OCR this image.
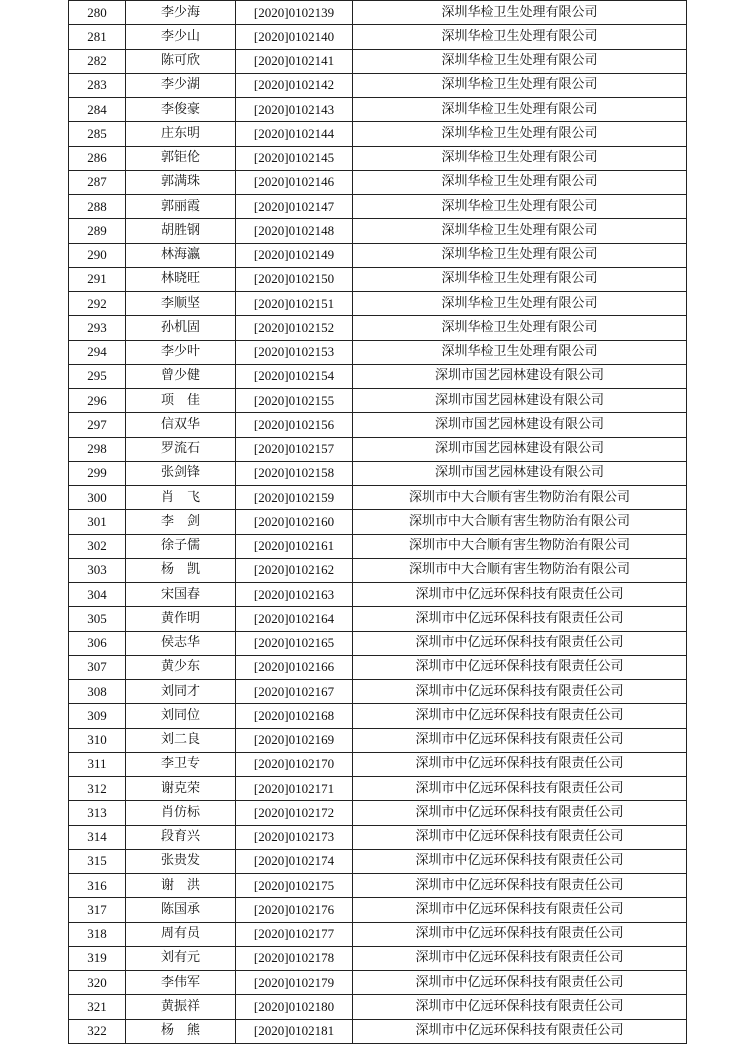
280	李少海	[2020]0102139	深圳华检卫生处理有限公司
281	李少山	[2020]0102140	深圳华检卫生处理有限公司
282	陈可欣	[2020]0102141	深圳华检卫生处理有限公司
283	李少湖	[2020]0102142	深圳华检卫生处理有限公司
284	李俊豪	[2020]0102143	深圳华检卫生处理有限公司
285	庄东明	[2020]0102144	深圳华检卫生处理有限公司
286	郭钜伦	[2020]0102145	深圳华检卫生处理有限公司
287	郭满珠	[2020]0102146	深圳华检卫生处理有限公司
288	郭丽霞	[2020]0102147	深圳华检卫生处理有限公司
289	胡胜钢	[2020]0102148	深圳华检卫生处理有限公司
290	林海瀛	[2020]0102149	深圳华检卫生处理有限公司
291	林晓旺	[2020]0102150	深圳华检卫生处理有限公司
292	李顺坚	[2020]0102151	深圳华检卫生处理有限公司
293	孙机固	[2020]0102152	深圳华检卫生处理有限公司
294	李少叶	[2020]0102153	深圳华检卫生处理有限公司
295	曾少健	[2020]0102154	深圳市国艺园林建设有限公司
296	项　佳	[2020]0102155	深圳市国艺园林建设有限公司
297	信双华	[2020]0102156	深圳市国艺园林建设有限公司
298	罗流石	[2020]0102157	深圳市国艺园林建设有限公司
299	张剑锋	[2020]0102158	深圳市国艺园林建设有限公司
300	肖　飞	[2020]0102159	深圳市中大合顺有害生物防治有限公司
301	李　剑	[2020]0102160	深圳市中大合顺有害生物防治有限公司
302	徐子儒	[2020]0102161	深圳市中大合顺有害生物防治有限公司
303	杨　凯	[2020]0102162	深圳市中大合顺有害生物防治有限公司
304	宋国春	[2020]0102163	深圳市中亿远环保科技有限责任公司
305	黄作明	[2020]0102164	深圳市中亿远环保科技有限责任公司
306	侯志华	[2020]0102165	深圳市中亿远环保科技有限责任公司
307	黄少东	[2020]0102166	深圳市中亿远环保科技有限责任公司
308	刘同才	[2020]0102167	深圳市中亿远环保科技有限责任公司
309	刘同位	[2020]0102168	深圳市中亿远环保科技有限责任公司
310	刘二良	[2020]0102169	深圳市中亿远环保科技有限责任公司
311	李卫专	[2020]0102170	深圳市中亿远环保科技有限责任公司
312	谢克荣	[2020]0102171	深圳市中亿远环保科技有限责任公司
313	肖仿标	[2020]0102172	深圳市中亿远环保科技有限责任公司
314	段育兴	[2020]0102173	深圳市中亿远环保科技有限责任公司
315	张贵发	[2020]0102174	深圳市中亿远环保科技有限责任公司
316	谢　洪	[2020]0102175	深圳市中亿远环保科技有限责任公司
317	陈国承	[2020]0102176	深圳市中亿远环保科技有限责任公司
318	周有员	[2020]0102177	深圳市中亿远环保科技有限责任公司
319	刘有元	[2020]0102178	深圳市中亿远环保科技有限责任公司
320	李伟军	[2020]0102179	深圳市中亿远环保科技有限责任公司
321	黄振祥	[2020]0102180	深圳市中亿远环保科技有限责任公司
322	杨　熊	[2020]0102181	深圳市中亿远环保科技有限责任公司
